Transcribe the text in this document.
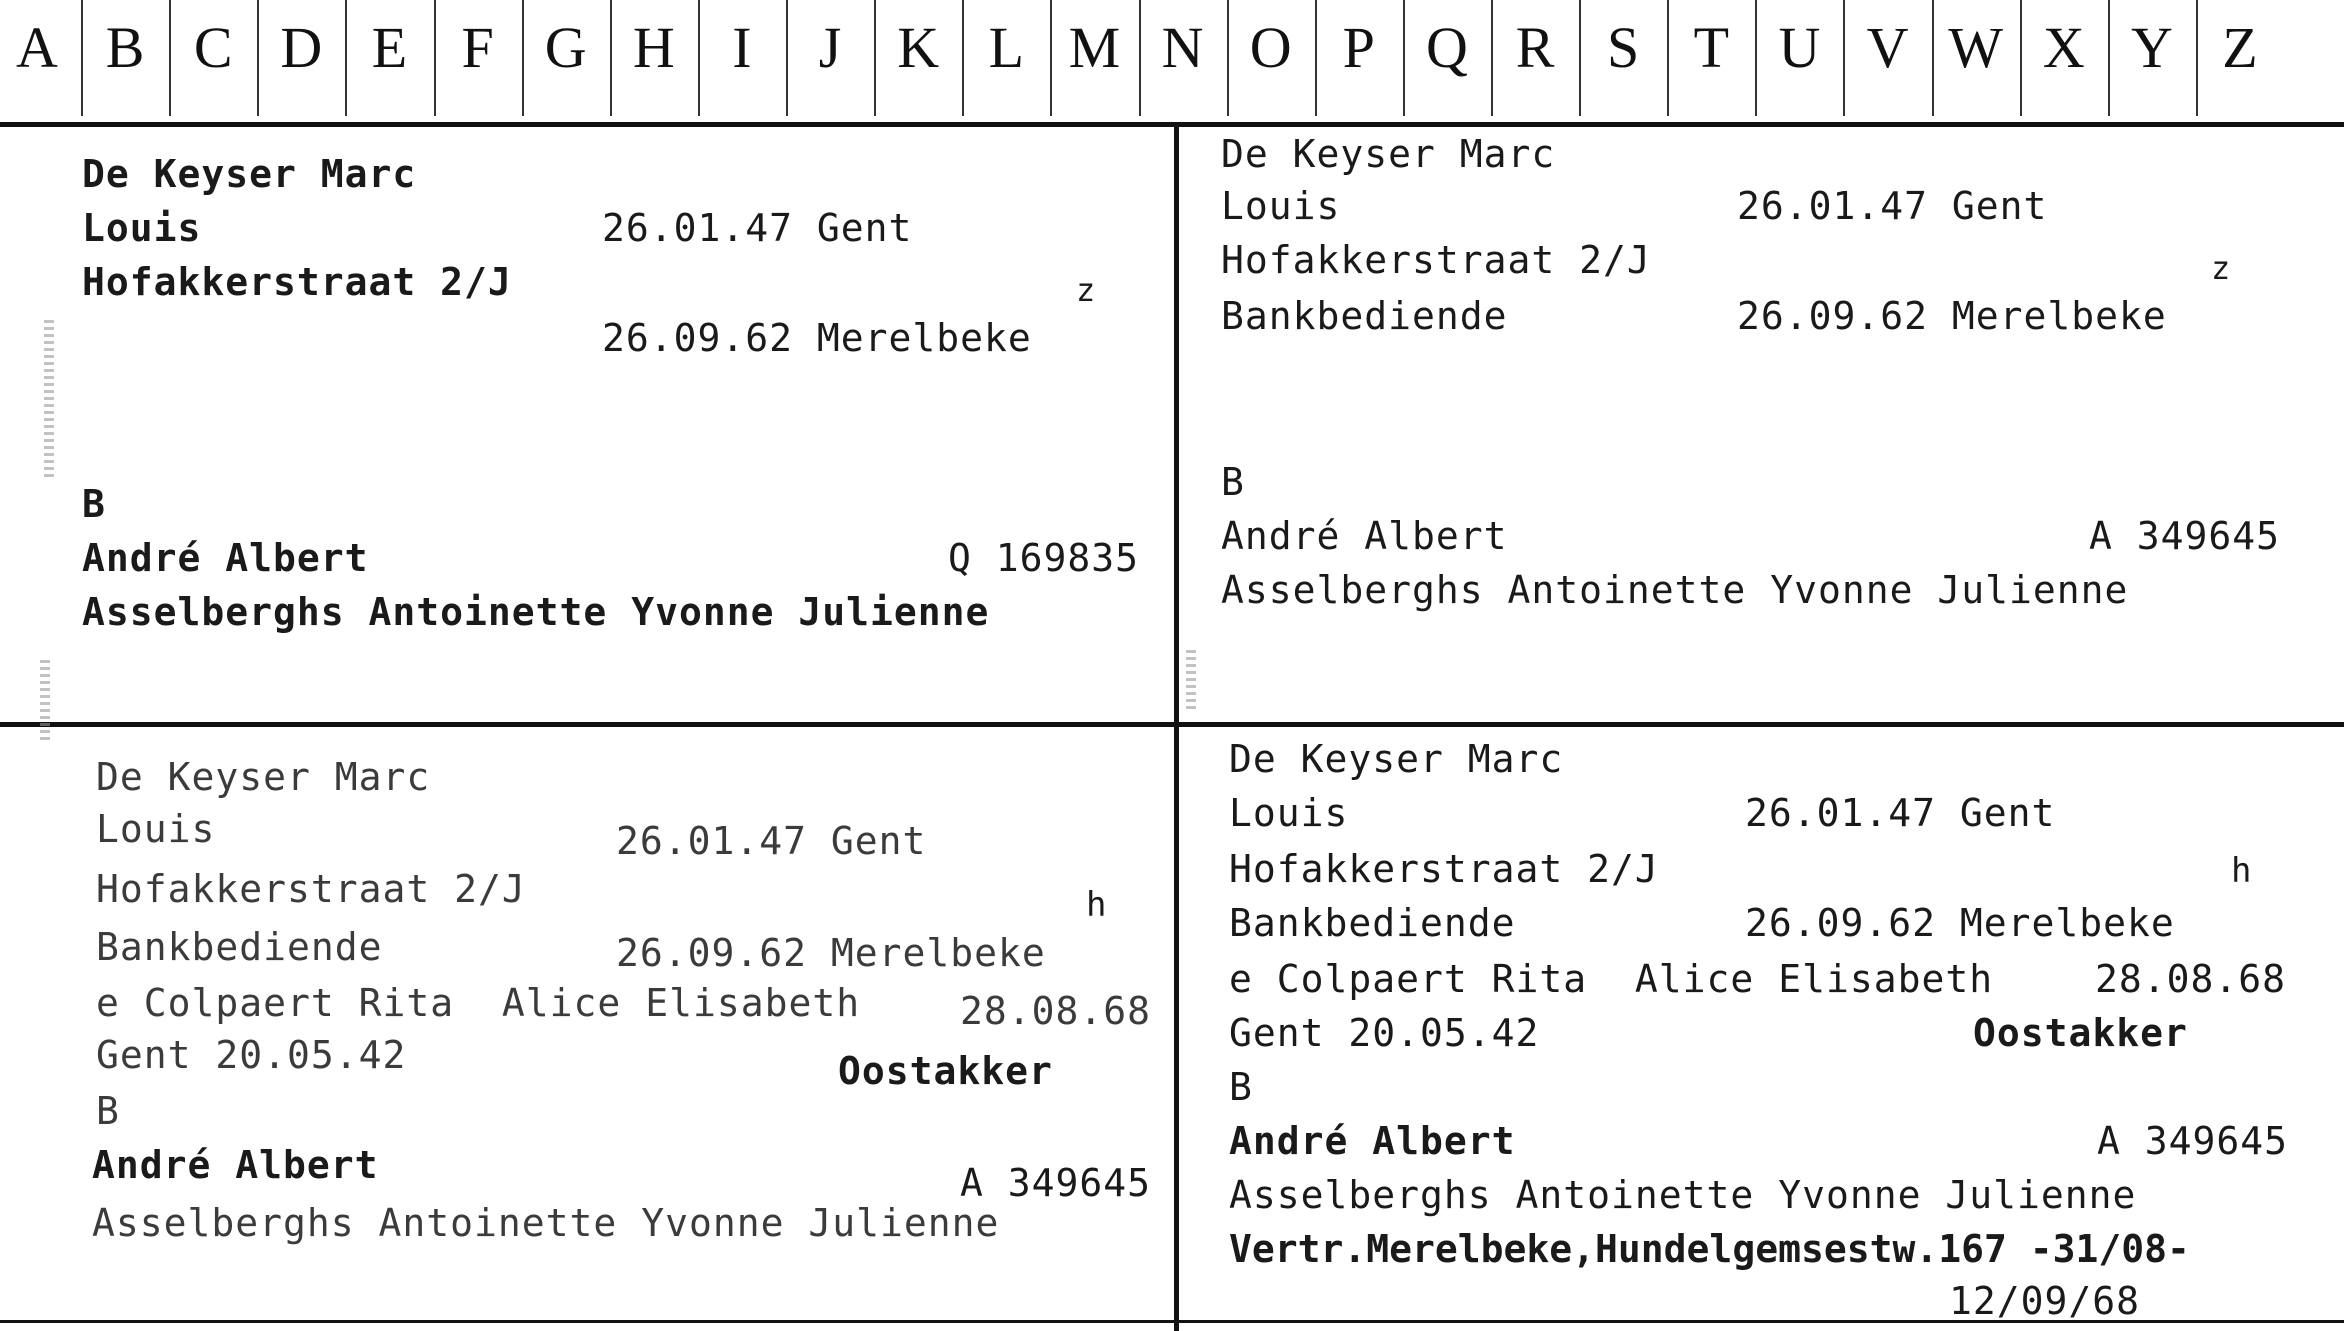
A B C D E F G H I	J K L M N O P Q R S T U V W X Y Z
De Keyser Marc
Louis	26.01.47 Gent
Hofakkerstraat 2/J	z
26.09.62 Merelbeke
B
André Albert	Q 169835
Asselberghs Antoinette Yvonne Julienne
De Keyser Marc
Louis	26.01.47 Gent
Hofakkerstraat 2/J	z
Bankbediende	26.09.62 Merelbeke
B
André Albert	A 349645
Asselberghs Antoinette Yvonne Julienne
De Keyser Marc
Louis	26.01.47 Gent
Hofakkerstraat 2/J	h
Bankbediende	26.09.62 Merelbeke
e Colpaert Rita  Alice Elisabeth	28.08.68
Gent 20.05.42	Oostakker
B
André Albert	A 349645
Asselberghs Antoinette Yvonne Julienne
De Keyser Marc
Louis	26.01.47 Gent
Hofakkerstraat 2/J	h
Bankbediende	26.09.62 Merelbeke
e Colpaert Rita  Alice Elisabeth	28.08.68
Gent 20.05.42	Oostakker
B
André Albert	A 349645
Asselberghs Antoinette Yvonne Julienne
Vertr.Merelbeke,Hundelgemsestw.167 -31/08-
12/09/68
